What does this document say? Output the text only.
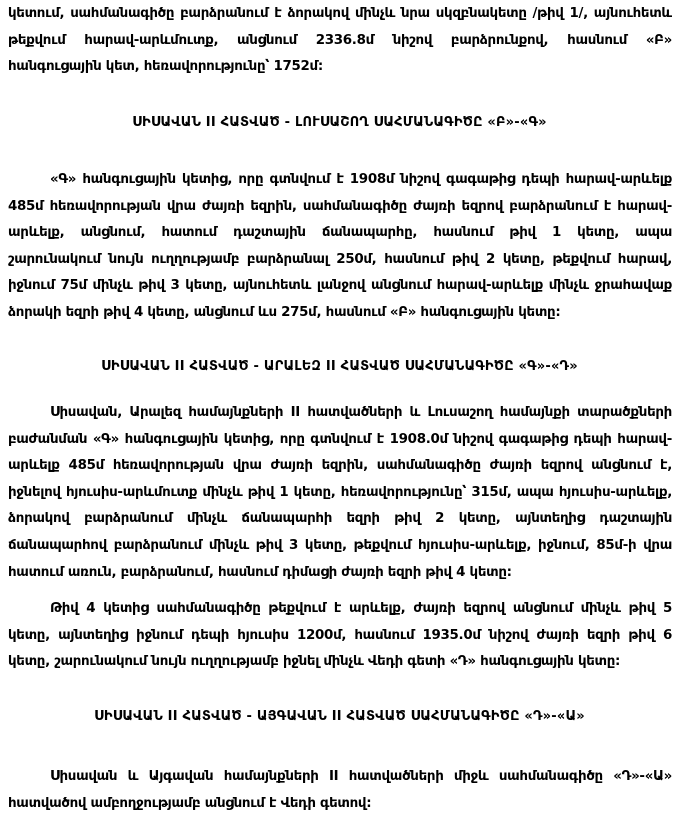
կետում, սահմանագիծը բարձրանում է ձորակով մինչև նրա սկզբնակետը /թիվ 1/, այնուհետև
թեքվում հարավ-արևմուտք, անցնում 2336.8մ նիշով բարձրունքով, հասնում «Բ»
հանգուցային կետ, հեռավորությունը՝ 1752մ:
ՍԻՍԱՎԱՆ II ՀԱՏՎԱԾ - ԼՈՒՍԱՇՈՂ ՍԱՀՄԱՆԱԳԻԾԸ «Բ»-«Գ»
«Գ» հանգուցային կետից, որը գտնվում է 1908մ նիշով գագաթից դեպի հարավ-արևելք
485մ հեռավորության վրա ժայռի եզրին, սահմանագիծը ժայռի եզրով բարձրանում է հարավ-
արևելք, անցնում, հատում դաշտային ճանապարհը, հասնում թիվ 1 կետը, ապա
շարունակում նույն ուղղությամբ բարձրանալ 250մ, հասնում թիվ 2 կետը, թեքվում հարավ,
իջնում 75մ մինչև թիվ 3 կետը, այնուհետև լանջով անցնում հարավ-արևելք մինչև ջրահավաք
ձորակի եզրի թիվ 4 կետը, անցնում ևս 275մ, հասնում «Բ» հանգուցային կետը:
ՍԻՍԱՎԱՆ II ՀԱՏՎԱԾ - ԱՐԱԼԵԶ II ՀԱՏՎԱԾ ՍԱՀՄԱՆԱԳԻԾԸ «Գ»-«Դ»
Սիսավան, Արալեզ համայնքների II հատվածների և Լուսաշող համայնքի տարածքների
բաժանման «Գ» հանգուցային կետից, որը գտնվում է 1908.0մ նիշով գագաթից դեպի հարավ-
արևելք 485մ հեռավորության վրա ժայռի եզրին, սահմանագիծը ժայռի եզրով անցնում է,
իջնելով հյուսիս-արևմուտք մինչև թիվ 1 կետը, հեռավորությունը՝ 315մ, ապա հյուսիս-արևելք,
ձորակով բարձրանում մինչև ճանապարհի եզրի թիվ 2 կետը, այնտեղից դաշտային
ճանապարհով բարձրանում մինչև թիվ 3 կետը, թեքվում հյուսիս-արևելք, իջնում, 85մ-ի վրա
հատում առուն, բարձրանում, հասնում դիմացի ժայռի եզրի թիվ 4 կետը:
Թիվ 4 կետից սահմանագիծը թեքվում է արևելք, ժայռի եզրով անցնում մինչև թիվ 5
կետը, այնտեղից իջնում դեպի հյուսիս 1200մ, հասնում 1935.0մ նիշով ժայռի եզրի թիվ 6
կետը, շարունակում նույն ուղղությամբ իջնել մինչև Վեդի գետի «Դ» հանգուցային կետը:
ՍԻՍԱՎԱՆ II ՀԱՏՎԱԾ - ԱՅԳԱՎԱՆ II ՀԱՏՎԱԾ ՍԱՀՄԱՆԱԳԻԾԸ «Դ»-«Ա»
Սիսավան և Այգավան համայնքների II հատվածների միջև սահմանագիծը «Դ»-«Ա»
հատվածով ամբողջությամբ անցնում է Վեդի գետով:
